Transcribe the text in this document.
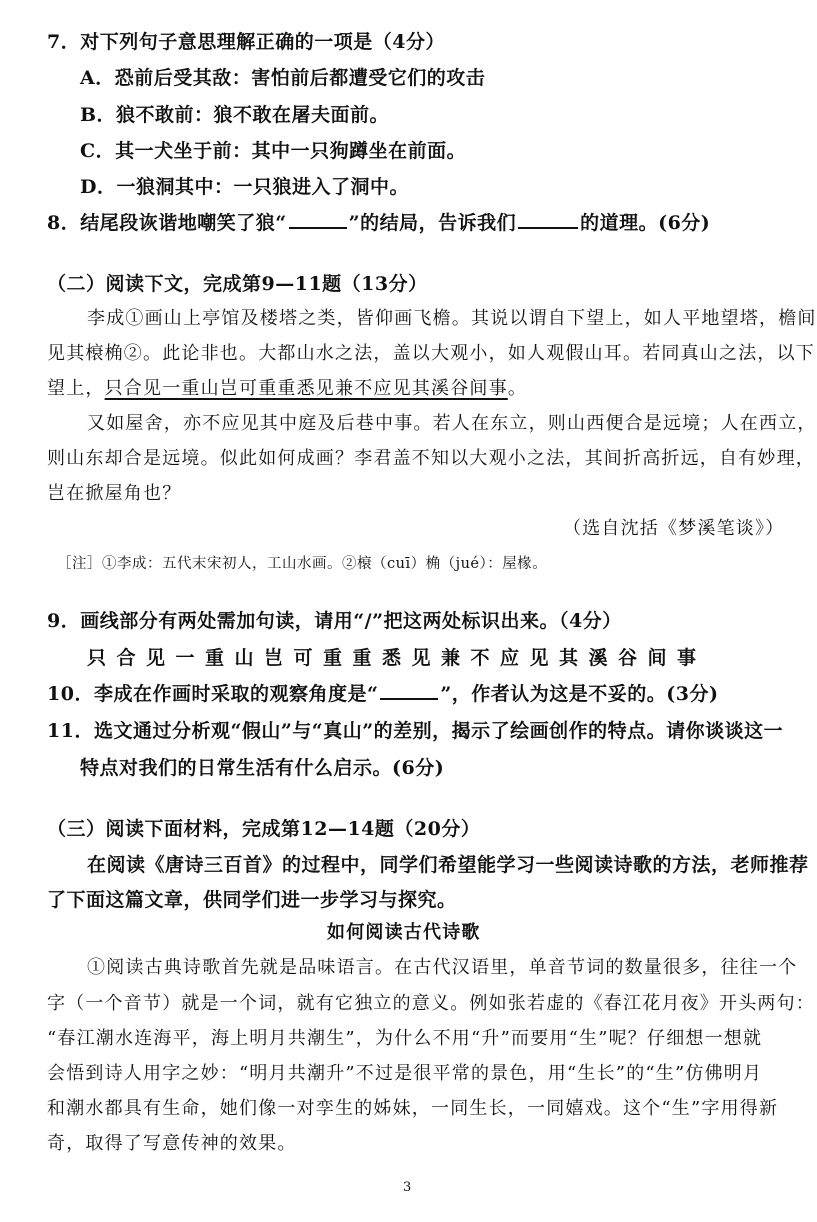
7．对下列句子意思理解正确的一项是（4分）
A．恐前后受其敌：害怕前后都遭受它们的攻击
B．狼不敢前：狼不敢在屠夫面前。
C．其一犬坐于前：其中一只狗蹲坐在前面。
D．一狼洞其中：一只狼进入了洞中。
8．结尾段诙谐地嘲笑了狼“	”的结局，告诉我们	的道理。(6分)
（二）阅读下文，完成第9—11题（13分）
李成①画山上亭馆及楼塔之类，皆仰画飞檐。其说以谓自下望上，如人平地望塔，檐间
见其榱桷②。此论非也。大都山水之法，盖以大观小，如人观假山耳。若同真山之法，以下
望上，只合见一重山岂可重重悉见兼不应见其溪谷间事。
又如屋舍，亦不应见其中庭及后巷中事。若人在东立，则山西便合是远境；人在西立，
则山东却合是远境。似此如何成画？李君盖不知以大观小之法，其间折高折远，自有妙理，
岂在掀屋角也？
（选自沈括《梦溪笔谈》）
［注］①李成：五代末宋初人，工山水画。②榱（cuī）桷（jué）：屋椽。
9．画线部分有两处需加句读，请用“/”把这两处标识出来。（4分）
只合见一重山岂可重重悉见兼不应见其溪谷间事
10．李成在作画时采取的观察角度是“	”，作者认为这是不妥的。(3分)
11．选文通过分析观“假山”与“真山”的差别，揭示了绘画创作的特点。请你谈谈这一
特点对我们的日常生活有什么启示。(6分)
（三）阅读下面材料，完成第12—14题（20分）
在阅读《唐诗三百首》的过程中，同学们希望能学习一些阅读诗歌的方法，老师推荐
了下面这篇文章，供同学们进一步学习与探究。
如何阅读古代诗歌
①阅读古典诗歌首先就是品味语言。在古代汉语里，单音节词的数量很多，往往一个
字（一个音节）就是一个词，就有它独立的意义。例如张若虚的《春江花月夜》开头两句：
“春江潮水连海平，海上明月共潮生”，为什么不用“升”而要用“生”呢？仔细想一想就
会悟到诗人用字之妙：“明月共潮升”不过是很平常的景色，用“生长”的“生”仿佛明月
和潮水都具有生命，她们像一对孪生的姊妹，一同生长，一同嬉戏。这个“生”字用得新
奇，取得了写意传神的效果。
3
